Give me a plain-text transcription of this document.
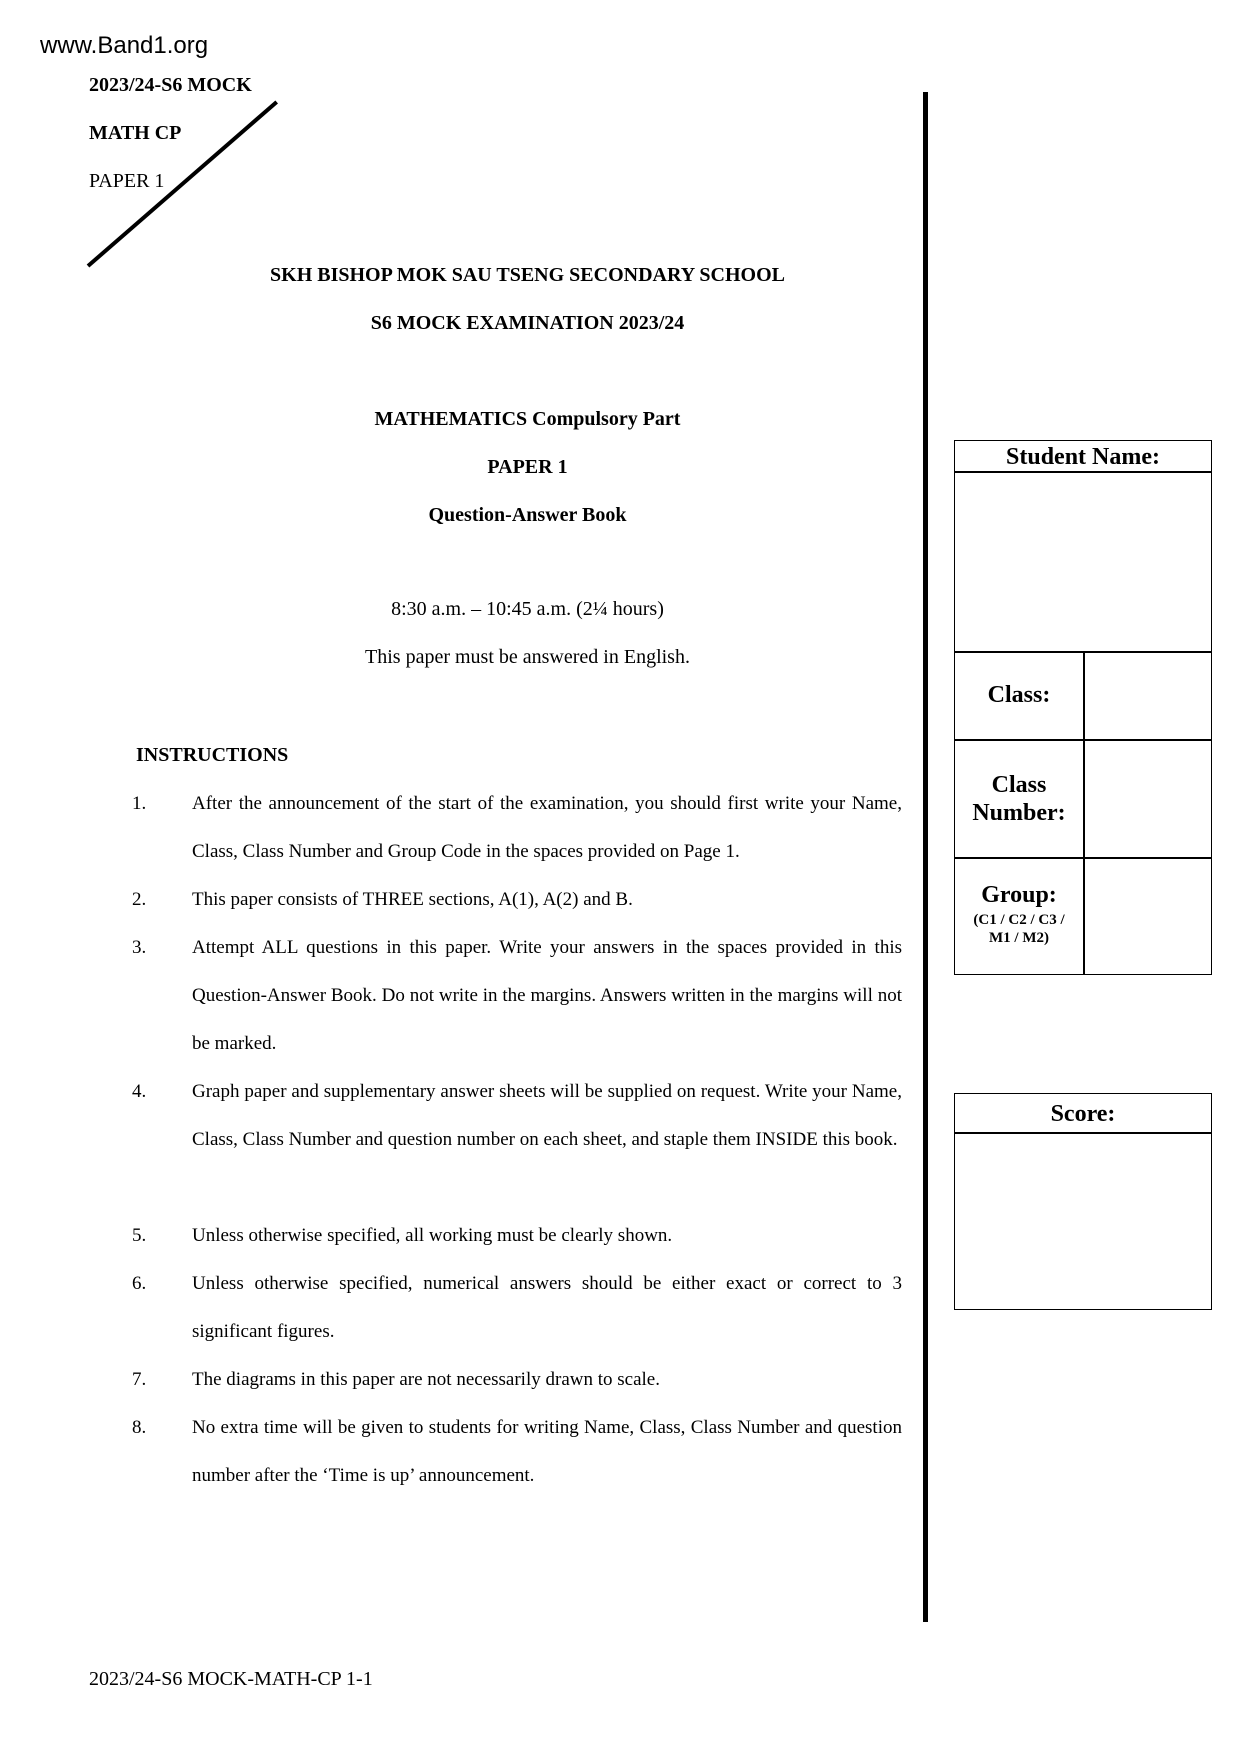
www.Band1.org
2023/24-S6 MOCK
MATH CP
PAPER 1
SKH BISHOP MOK SAU TSENG SECONDARY SCHOOL
S6 MOCK EXAMINATION 2023/24
MATHEMATICS Compulsory Part
PAPER 1
Question-Answer Book
8:30 a.m. – 10:45 a.m. (2¼ hours)
This paper must be answered in English.
INSTRUCTIONS
1. After the announcement of the start of the examination, you should first write your Name, Class, Class Number and Group Code in the spaces provided on Page 1.
2. This paper consists of THREE sections, A(1), A(2) and B.
3. Attempt ALL questions in this paper. Write your answers in the spaces provided in this Question-Answer Book. Do not write in the margins. Answers written in the margins will not be marked.
4. Graph paper and supplementary answer sheets will be supplied on request. Write your Name, Class, Class Number and question number on each sheet, and staple them INSIDE this book.
5. Unless otherwise specified, all working must be clearly shown.
6. Unless otherwise specified, numerical answers should be either exact or correct to 3 significant figures.
7. The diagrams in this paper are not necessarily drawn to scale.
8. No extra time will be given to students for writing Name, Class, Class Number and question number after the ‘Time is up’ announcement.
Student Name:
Class:
Class
Number:
Group:
(C1 / C2 / C3 /
M1 / M2)
Score:
2023/24-S6 MOCK-MATH-CP 1-1
